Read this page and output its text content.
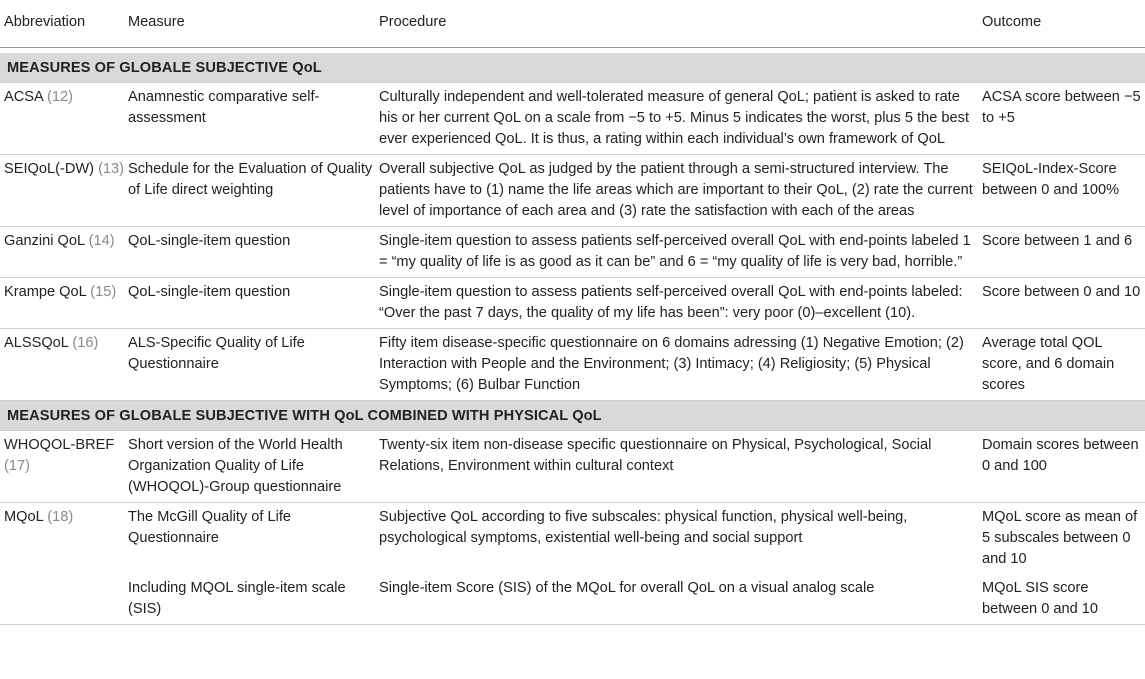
Abbreviation	Measure	Procedure	Outcome

MEASURES OF GLOBALE SUBJECTIVE QoL			
ACSA (12)	Anamnestic comparative self-assessment	Culturally independent and well-tolerated measure of general QoL; patient is asked to rate his or her current QoL on a scale from −5 to +5. Minus 5 indicates the worst, plus 5 the best ever experienced QoL. It is thus, a rating within each individual’s own framework of QoL	ACSA score between −5 to +5
SEIQoL(-DW) (13)	Schedule for the Evaluation of Quality of Life direct weighting	Overall subjective QoL as judged by the patient through a semi-structured interview. The patients have to (1) name the life areas which are important to their QoL, (2) rate the current level of importance of each area and (3) rate the satisfaction with each of the areas	SEIQoL-Index-Score between 0 and 100%
Ganzini QoL (14)	QoL-single-item question	Single-item question to assess patients self-perceived overall QoL with end-points labeled 1 = “my quality of life is as good as it can be” and 6 = “my quality of life is very bad, horrible.”	Score between 1 and 6
Krampe QoL (15)	QoL-single-item question	Single-item question to assess patients self-perceived overall QoL with end-points labeled: “Over the past 7 days, the quality of my life has been”: very poor (0)–excellent (10).	Score between 0 and 10
ALSSQoL (16)	ALS-Specific Quality of Life Questionnaire	Fifty item disease-specific questionnaire on 6 domains adressing (1) Negative Emotion; (2) Interaction with People and the Environment; (3) Intimacy; (4) Religiosity; (5) Physical Symptoms; (6) Bulbar Function	Average total QOL score, and 6 domain scores
MEASURES OF GLOBALE SUBJECTIVE WITH QoL COMBINED WITH PHYSICAL QoL			
WHOQOL-BREF (17)	Short version of the World Health Organization Quality of Life (WHOQOL)-Group questionnaire	Twenty-six item non-disease specific questionnaire on Physical, Psychological, Social Relations, Environment within cultural context	Domain scores between 0 and 100
MQoL (18)	The McGill Quality of Life Questionnaire	Subjective QoL according to five subscales: physical function, physical well-being, psychological symptoms, existential well-being and social support	MQoL score as mean of 5 subscales between 0 and 10
	Including MQOL single-item scale (SIS)	Single-item Score (SIS) of the MQoL for overall QoL on a visual analog scale	MQoL SIS score between 0 and 10
